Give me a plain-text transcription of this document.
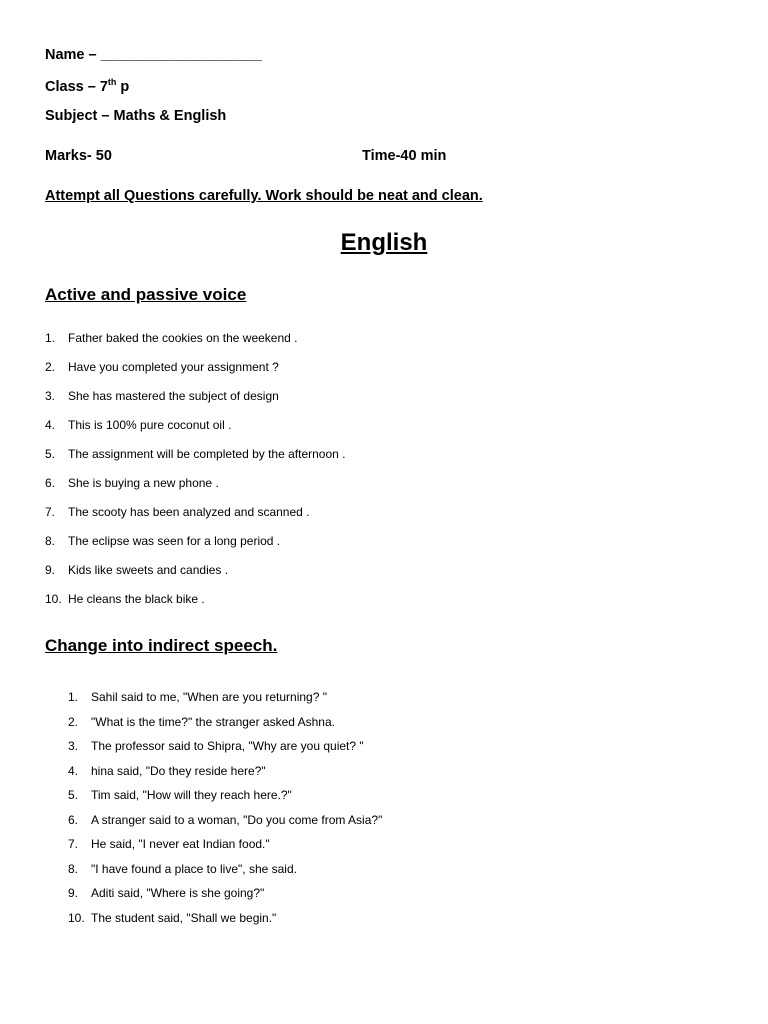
Name – ____________________
Class – 7th p
Subject – Maths & English
Marks- 50	Time-40 min
Attempt all Questions carefully. Work should be neat and clean.
English
Active and passive voice
1. Father baked the cookies on the weekend .
2. Have you completed your assignment ?
3. She has mastered the subject of design
4. This is 100% pure coconut oil .
5. The assignment will be completed by the afternoon .
6. She is buying a new phone .
7. The scooty has been analyzed and scanned .
8. The eclipse was seen for a long period .
9. Kids like sweets and candies .
10. He cleans the black bike .
Change into indirect speech.
1. Sahil said to me, "When are you returning? "
2. "What is the time?" the stranger asked Ashna.
3. The professor said to Shipra, "Why are you quiet? "
4. hina said, "Do they reside here?"
5. Tim said, "How will they reach here.?"
6. A stranger said to a woman, "Do you come from Asia?"
7. He said, "I never eat Indian food."
8. "I have found a place to live", she said.
9. Aditi said, "Where is she going?"
10. The student said, "Shall we begin."
